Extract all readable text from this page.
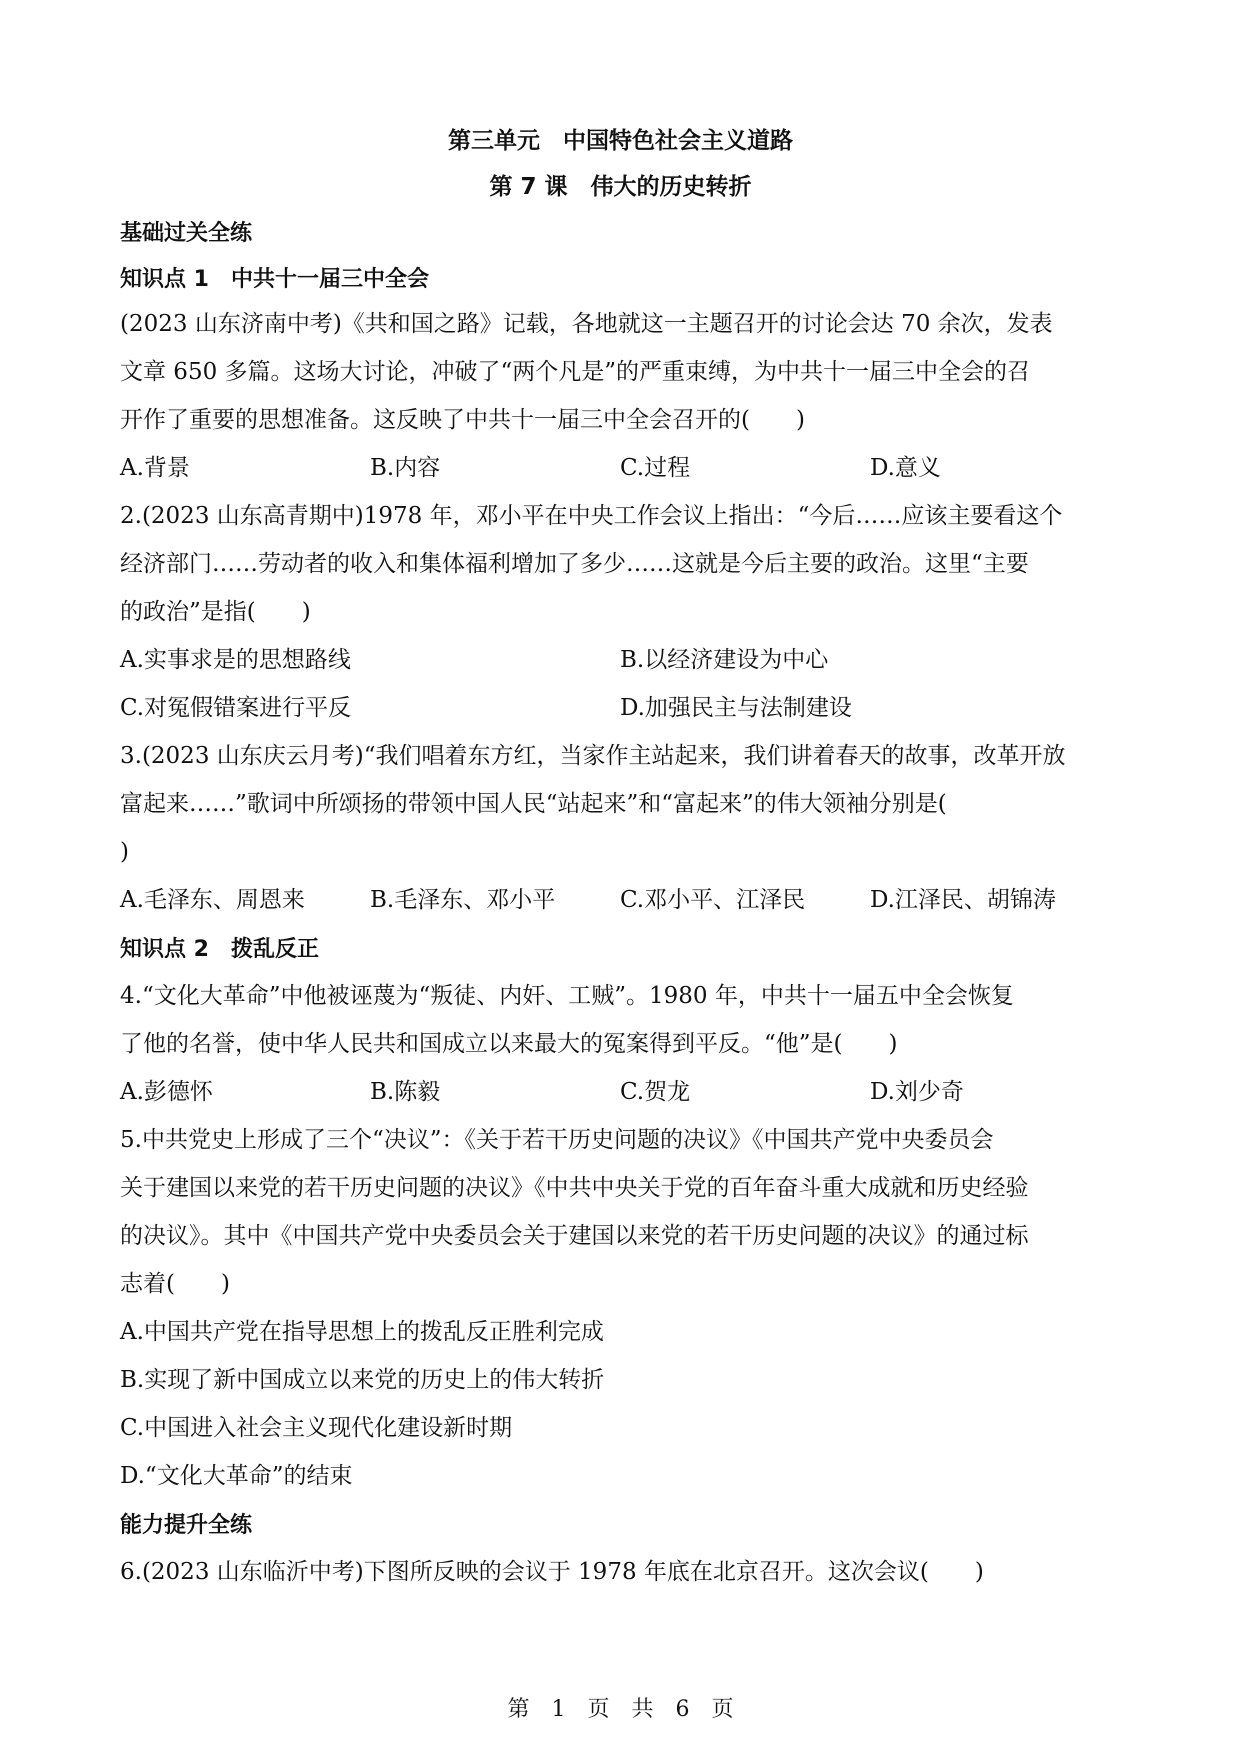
第三单元　中国特色社会主义道路
第 7 课　伟大的历史转折
基础过关全练
知识点 1　中共十一届三中全会
(2023 山东济南中考)《共和国之路》记载，各地就这一主题召开的讨论会达 70 余次，发表
文章 650 多篇。这场大讨论，冲破了“两个凡是”的严重束缚，为中共十一届三中全会的召
开作了重要的思想准备。这反映了中共十一届三中全会召开的(　　)
A.背景	B.内容	C.过程	D.意义
2.(2023 山东高青期中)1978 年，邓小平在中央工作会议上指出：“今后……应该主要看这个
经济部门……劳动者的收入和集体福利增加了多少……这就是今后主要的政治。这里“主要
的政治”是指(　　)
A.实事求是的思想路线	B.以经济建设为中心
C.对冤假错案进行平反	D.加强民主与法制建设
3.(2023 山东庆云月考)“我们唱着东方红，当家作主站起来，我们讲着春天的故事，改革开放
富起来……”歌词中所颂扬的带领中国人民“站起来”和“富起来”的伟大领袖分别是(
)
A.毛泽东、周恩来	B.毛泽东、邓小平	C.邓小平、江泽民	D.江泽民、胡锦涛
知识点 2　拨乱反正
4.“文化大革命”中他被诬蔑为“叛徒、内奸、工贼”。1980 年，中共十一届五中全会恢复
了他的名誉，使中华人民共和国成立以来最大的冤案得到平反。“他”是(　　)
A.彭德怀	B.陈毅	C.贺龙	D.刘少奇
5.中共党史上形成了三个“决议”：《关于若干历史问题的决议》《中国共产党中央委员会
关于建国以来党的若干历史问题的决议》《中共中央关于党的百年奋斗重大成就和历史经验
的决议》。其中《中国共产党中央委员会关于建国以来党的若干历史问题的决议》的通过标
志着(　　)
A.中国共产党在指导思想上的拨乱反正胜利完成
B.实现了新中国成立以来党的历史上的伟大转折
C.中国进入社会主义现代化建设新时期
D.“文化大革命”的结束
能力提升全练
6.(2023 山东临沂中考)下图所反映的会议于 1978 年底在北京召开。这次会议(　　)
第　1　页　共　6　页
